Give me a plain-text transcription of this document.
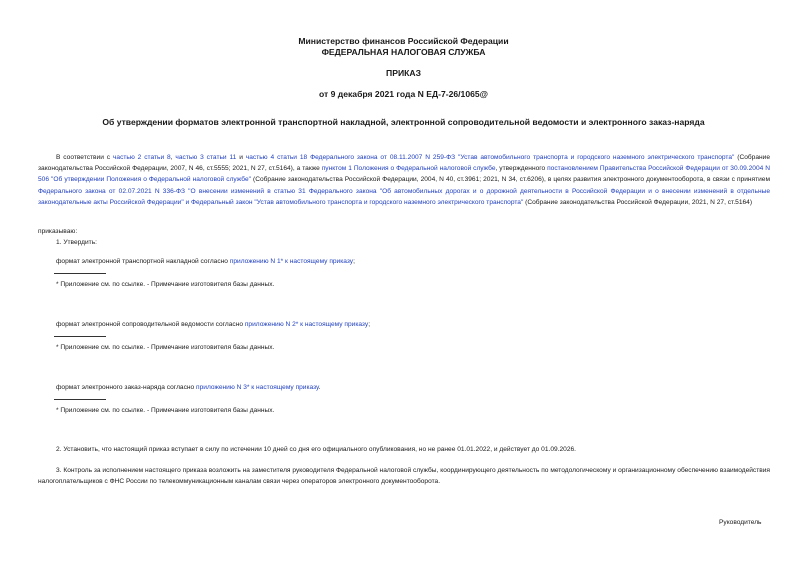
Министерство финансов Российской Федерации
ФЕДЕРАЛЬНАЯ НАЛОГОВАЯ СЛУЖБА
ПРИКАЗ
от 9 декабря 2021 года N ЕД-7-26/1065@
Об утверждении форматов электронной транспортной накладной, электронной сопроводительной ведомости и электронного заказ-наряда
В соответствии с частью 2 статьи 8, частью 3 статьи 11 и частью 4 статьи 18 Федерального закона от 08.11.2007 N 259-ФЗ "Устав автомобильного транспорта и городского наземного электрического транспорта" (Собрание законодательства Российской Федерации, 2007, N 46, ст.5555; 2021, N 27, ст.5164), а также пунктом 1 Положения о Федеральной налоговой службе, утвержденного постановлением Правительства Российской Федерации от 30.09.2004 N 506 "Об утверждении Положения о Федеральной налоговой службе" (Собрание законодательства Российской Федерации, 2004, N 40, ст.3961; 2021, N 34, ст.6206), в целях развития электронного документооборота, в связи с принятием Федерального закона от 02.07.2021 N 336-ФЗ "О внесении изменений в статью 31 Федерального закона "Об автомобильных дорогах и о дорожной деятельности в Российской Федерации и о внесении изменений в отдельные законодательные акты Российской Федерации" и Федеральный закон "Устав автомобильного транспорта и городского наземного электрического транспорта" (Собрание законодательства Российской Федерации, 2021, N 27, ст.5164)
приказываю:
1. Утвердить:
формат электронной транспортной накладной согласно приложению N 1* к настоящему приказу;
* Приложение см. по ссылке. - Примечание изготовителя базы данных.
формат электронной сопроводительной ведомости согласно приложению N 2* к настоящему приказу;
* Приложение см. по ссылке. - Примечание изготовителя базы данных.
формат электронного заказ-наряда согласно приложению N 3* к настоящему приказу.
* Приложение см. по ссылке. - Примечание изготовителя базы данных.
2. Установить, что настоящий приказ вступает в силу по истечении 10 дней со дня его официального опубликования, но не ранее 01.01.2022, и действует до 01.09.2026.
3. Контроль за исполнением настоящего приказа возложить на заместителя руководителя Федеральной налоговой службы, координирующего деятельность по методологическому и организационному обеспечению взаимодействия налогоплательщиков с ФНС России по телекоммуникационным каналам связи через операторов электронного документооборота.
Руководитель
